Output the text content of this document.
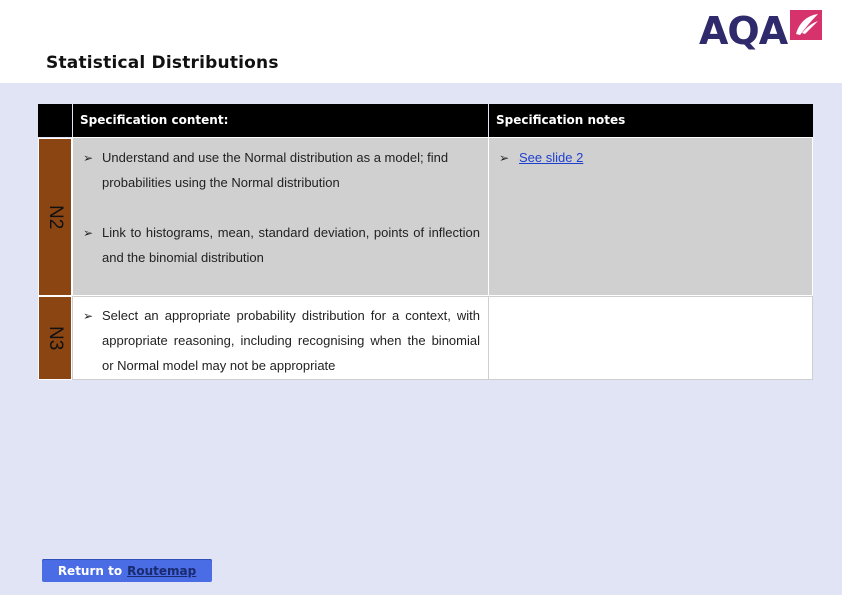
Statistical Distributions
AQA
Specification content:	Specification notes
N2
➢ Understand and use the Normal distribution as a model; find probabilities using the Normal distribution
➢ Link to histograms, mean, standard deviation, points of inflection and the binomial distribution
➢ See slide 2
N3
➢ Select an appropriate probability distribution for a context, with appropriate reasoning, including recognising when the binomial or Normal model may not be appropriate
Return to Routemap
